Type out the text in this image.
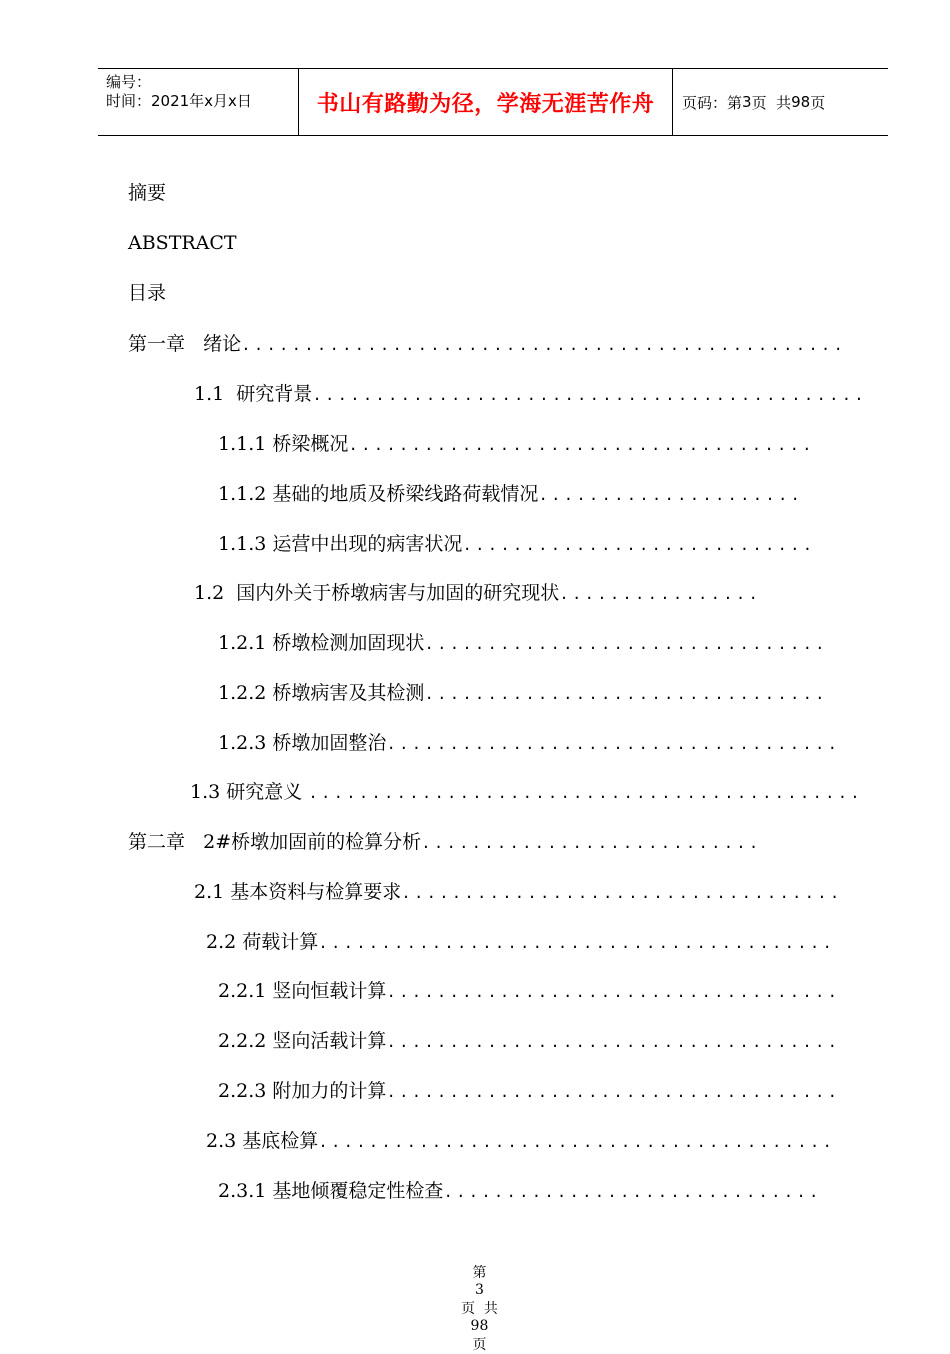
编号：
时间：2021年x月x日	书山有路勤为径，学海无涯苦作舟 页码：第 3 页  共 98 页
摘要
ABSTRACT
目录
第一章   绪论................................................
1.1  研究背景............................................
1.1.1 桥梁概况.....................................
1.1.2 基础的地质及桥梁线路荷载情况.....................
1.1.3 运营中出现的病害状况............................
1.2  国内外关于桥墩病害与加固的研究现状................
1.2.1 桥墩检测加固现状................................
1.2.2 桥墩病害及其检测................................
1.2.3 桥墩加固整治....................................
1.3 研究意义 ............................................
第二章   2#桥墩加固前的检算分析...........................
2.1 基本资料与检算要求...................................
2.2 荷载计算.........................................
2.2.1 竖向恒载计算....................................
2.2.2 竖向活载计算....................................
2.2.3 附加力的计算....................................
2.3 基底检算.........................................
2.3.1 基地倾覆稳定性检查..............................

第
3
页  共
98
页
